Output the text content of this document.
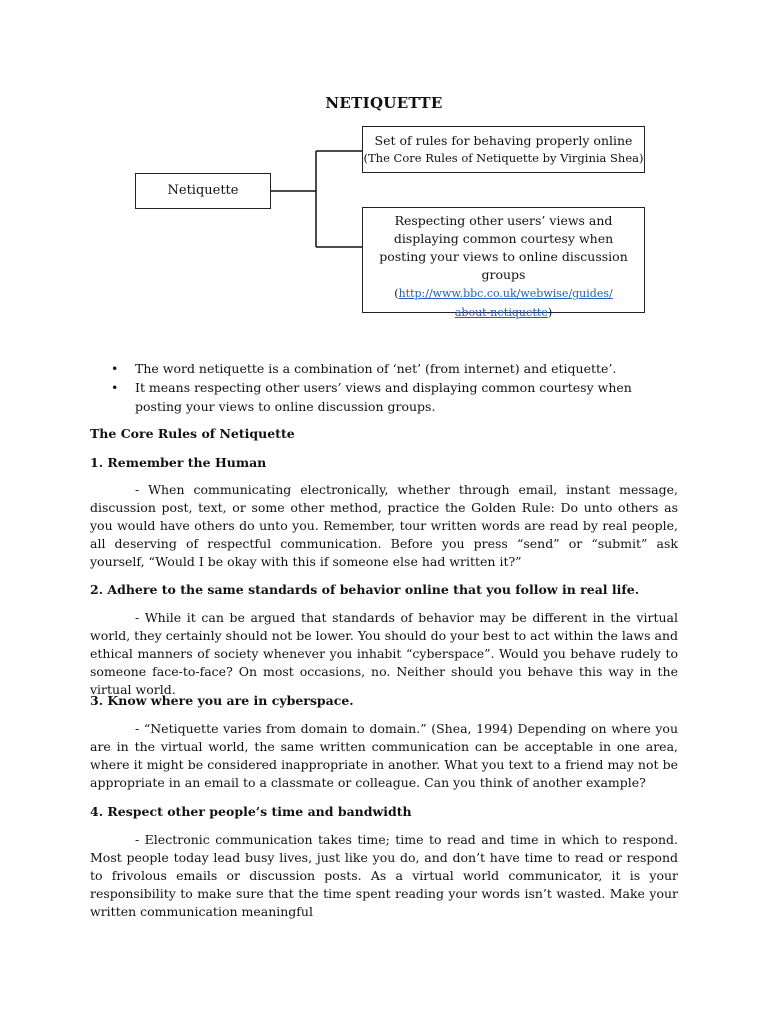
NETIQUETTE
Netiquette
Set of rules for behaving properly online
(The Core Rules of Netiquette by Virginia Shea)
Respecting other users’ views and displaying common courtesy when posting your views to online discussion groups
(http://www.bbc.co.uk/webwise/guides/about-netiquette)
• The word netiquette is a combination of ‘net’ (from internet) and etiquette’.
• It means respecting other users’ views and displaying common courtesy when posting your views to online discussion groups.
The Core Rules of Netiquette
1. Remember the Human
- When communicating electronically, whether through email, instant message, discussion post, text, or some other method, practice the Golden Rule: Do unto others as you would have others do unto you. Remember, tour written words are read by real people, all deserving of respectful communication. Before you press “send” or “submit” ask yourself, “Would I be okay with this if someone else had written it?”
2. Adhere to the same standards of behavior online that you follow in real life.
- While it can be argued that standards of behavior may be different in the virtual world, they certainly should not be lower. You should do your best to act within the laws and ethical manners of society whenever you inhabit “cyberspace”. Would you behave rudely to someone face-to-face? On most occasions, no. Neither should you behave this way in the virtual world.
3. Know where you are in cyberspace.
- “Netiquette varies from domain to domain.” (Shea, 1994) Depending on where you are in the virtual world, the same written communication can be acceptable in one area, where it might be considered inappropriate in another. What you text to a friend may not be appropriate in an email to a classmate or colleague. Can you think of another example?
4. Respect other people’s time and bandwidth
- Electronic communication takes time; time to read and time in which to respond. Most people today lead busy lives, just like you do, and don’t have time to read or respond to frivolous emails or discussion posts. As a virtual world communicator, it is your responsibility to make sure that the time spent reading your words isn’t wasted. Make your written communication meaningful
